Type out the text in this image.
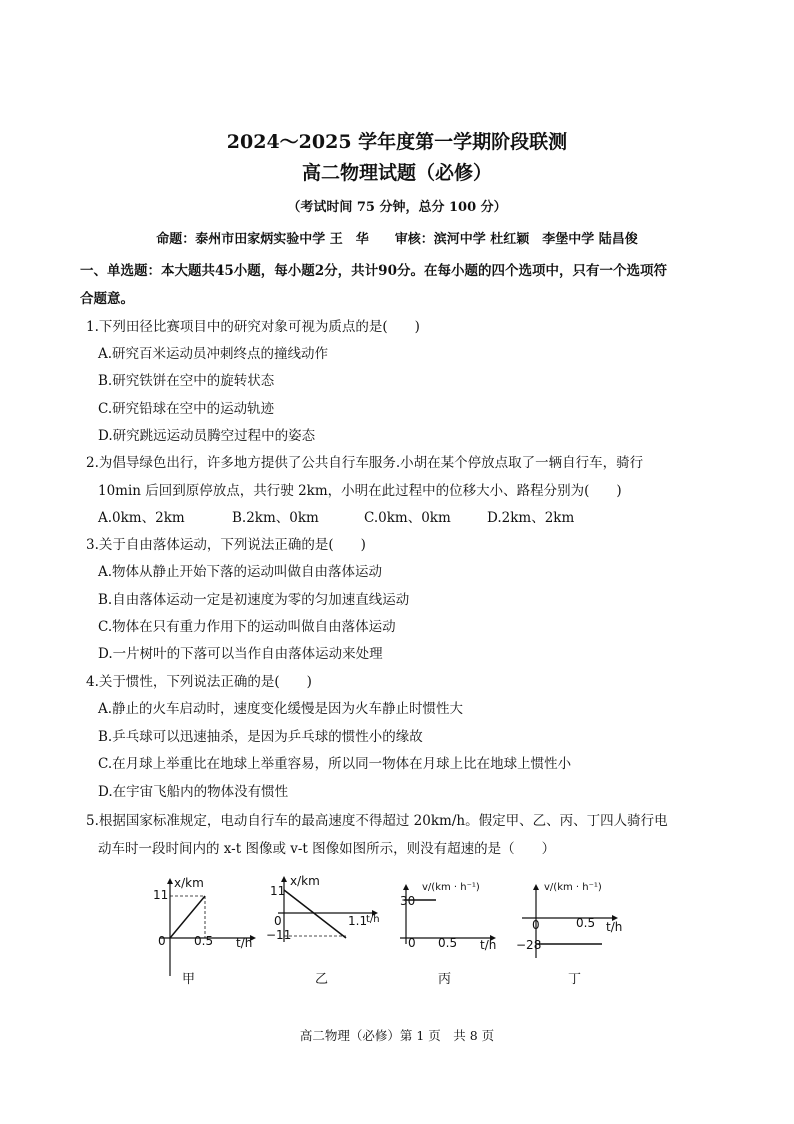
2024～2025 学年度第一学期阶段联测
高二物理试题（必修）
（考试时间 75 分钟，总分 100 分）
命题：泰州市田家炳实验中学 王　华　　审核：滨河中学 杜红颖　李堡中学 陆昌俊
一、单选题：本大题共45小题，每小题2分，共计90分。在每小题的四个选项中，只有一个选项符
合题意。
1.下列田径比赛项目中的研究对象可视为质点的是(　　)
A.研究百米运动员冲刺终点的撞线动作
B.研究铁饼在空中的旋转状态
C.研究铅球在空中的运动轨迹
D.研究跳远运动员腾空过程中的姿态
2.为倡导绿色出行，许多地方提供了公共自行车服务.小胡在某个停放点取了一辆自行车，骑行
10min 后回到原停放点，共行驶 2km，小明在此过程中的位移大小、路程分别为(　　)
A.0km、2km	B.2km、0km	C.0km、0km	D.2km、2km
3.关于自由落体运动，下列说法正确的是(　　)
A.物体从静止开始下落的运动叫做自由落体运动
B.自由落体运动一定是初速度为零的匀加速直线运动
C.物体在只有重力作用下的运动叫做自由落体运动
D.一片树叶的下落可以当作自由落体运动来处理
4.关于惯性，下列说法正确的是(　　)
A.静止的火车启动时，速度变化缓慢是因为火车静止时惯性大
B.乒乓球可以迅速抽杀，是因为乒乓球的惯性小的缘故
C.在月球上举重比在地球上举重容易，所以同一物体在月球上比在地球上惯性小
D.在宇宙飞船内的物体没有惯性
5.根据国家标准规定，电动自行车的最高速度不得超过 20km/h。假定甲、乙、丙、丁四人骑行电
动车时一段时间内的 x-t 图像或 v-t 图像如图所示，则没有超速的是（　　）
x/km
11
0 0.5 t/h
甲
x/km
11
0
−11
1.1
t/h
乙
v/(km · h⁻¹)
30
0 0.5 t/h
丙
v/(km · h⁻¹)
0	0.5 t/h
−28
丁
高二物理（必修）第 1 页　共 8 页
